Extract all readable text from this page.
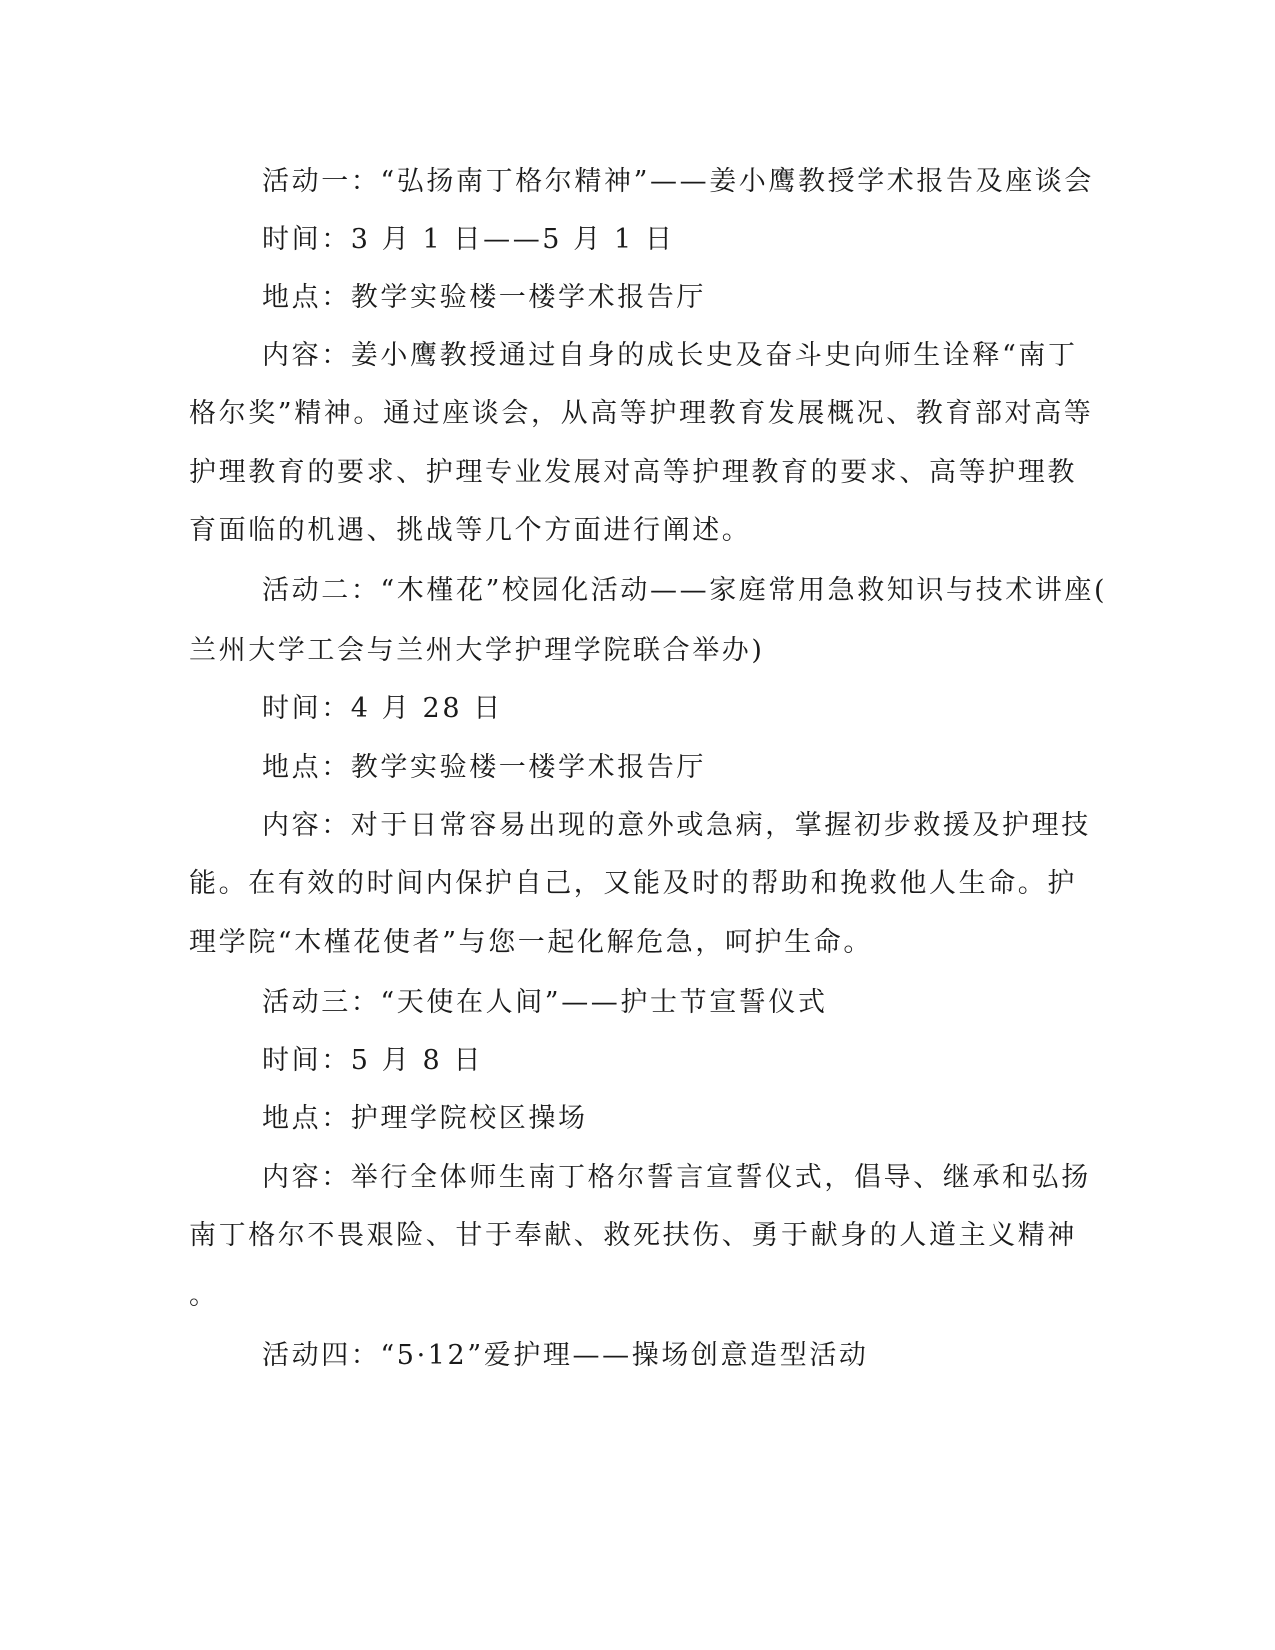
活动一：“弘扬南丁格尔精神”——姜小鹰教授学术报告及座谈会

时间：3 月 1 日——5 月 1 日

地点：教学实验楼一楼学术报告厅

内容：姜小鹰教授通过自身的成长史及奋斗史向师生诠释“南丁

格尔奖”精神。通过座谈会，从高等护理教育发展概况、教育部对高等

护理教育的要求、护理专业发展对高等护理教育的要求、高等护理教

育面临的机遇、挑战等几个方面进行阐述。

活动二：“木槿花”校园化活动——家庭常用急救知识与技术讲座(

兰州大学工会与兰州大学护理学院联合举办)

时间：4 月 28 日

地点：教学实验楼一楼学术报告厅

内容：对于日常容易出现的意外或急病，掌握初步救援及护理技

能。在有效的时间内保护自己，又能及时的帮助和挽救他人生命。护

理学院“木槿花使者”与您一起化解危急，呵护生命。

活动三：“天使在人间”——护士节宣誓仪式

时间：5 月 8 日

地点：护理学院校区操场

内容：举行全体师生南丁格尔誓言宣誓仪式，倡导、继承和弘扬

南丁格尔不畏艰险、甘于奉献、救死扶伤、勇于献身的人道主义精神

。

活动四：“5·12”爱护理——操场创意造型活动
